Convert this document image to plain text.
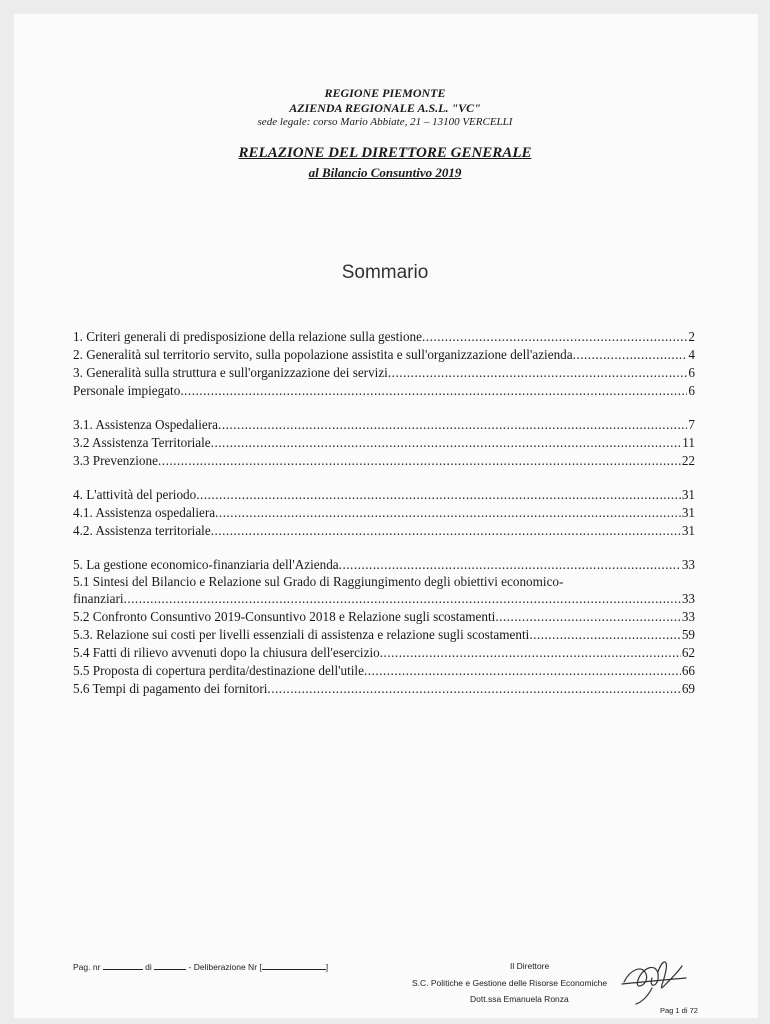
REGIONE PIEMONTE
AZIENDA REGIONALE A.S.L. "VC"
sede legale: corso Mario Abbiate, 21 – 13100 VERCELLI
RELAZIONE DEL DIRETTORE GENERALE
al Bilancio Consuntivo 2019
Sommario
1. Criteri generali di predisposizione della relazione sulla gestione .....	2
2. Generalità sul territorio servito, sulla popolazione assistita e sull'organizzazione dell'azienda .....	4
3. Generalità sulla struttura e sull'organizzazione dei servizi .....	6
Personale impiegato .....	6
3.1. Assistenza Ospedaliera .....	7
3.2 Assistenza Territoriale .....	11
3.3 Prevenzione .....	22
4. L'attività del periodo .....	31
4.1. Assistenza ospedaliera .....	31
4.2. Assistenza territoriale .....	31
5. La gestione economico-finanziaria dell'Azienda .....	33
5.1 Sintesi del Bilancio e Relazione sul Grado di Raggiungimento degli obiettivi economico-
finanziari .....	33
5.2 Confronto Consuntivo 2019-Consuntivo 2018 e Relazione sugli scostamenti .....	33
5.3. Relazione sui costi per livelli essenziali di assistenza e relazione sugli scostamenti .....	59
5.4 Fatti di rilievo avvenuti dopo la chiusura dell'esercizio .....	62
5.5 Proposta di copertura perdita/destinazione dell'utile .....	66
5.6 Tempi di pagamento dei fornitori .....	69
Pag. nr	di	- Deliberazione Nr [	]	Il Direttore
S.C. Politiche e Gestione delle Risorse Economiche
Dott.ssa Emanuela Ronza
Pag 1 di 72
